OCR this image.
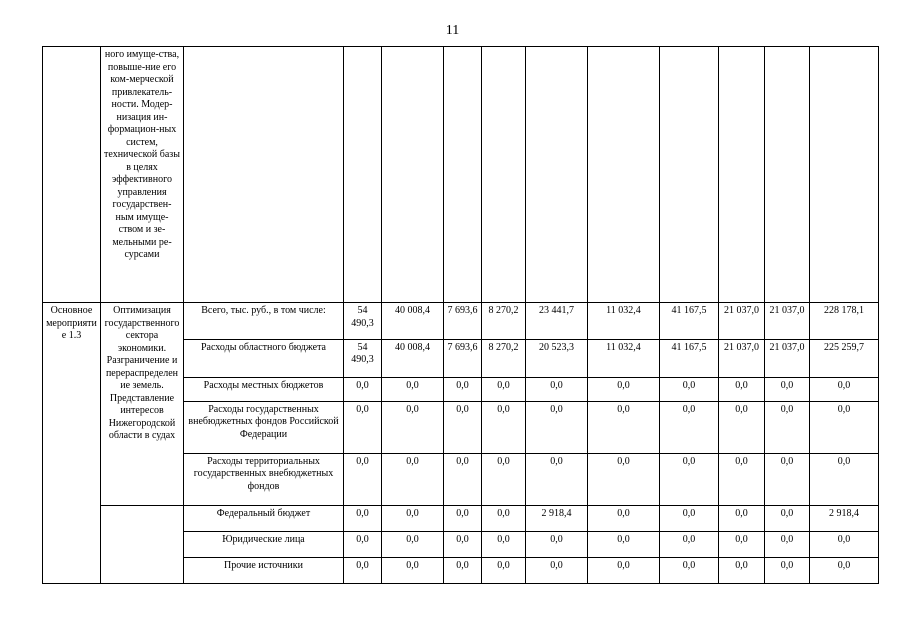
11
	ного имуще-ства, повыше-ние его ком-мерческой привлекатель-ности. Модер-низация ин-формацион-ных систем, технической базы в целях эффективного управления государствен-ным имуще-ством и зе-мельными ре-сурсами											
Основное мероприятие 1.3	Оптимизация государственного сектора экономики. Разграничение и перераспределение земель. Представление интересов Нижегородской области в судах	Всего, тыс. руб., в том числе:	54 490,3	40 008,4	7 693,6	8 270,2	23 441,7	11 032,4	41 167,5	21 037,0	21 037,0	228 178,1
		Расходы областного бюджета	54 490,3	40 008,4	7 693,6	8 270,2	20 523,3	11 032,4	41 167,5	21 037,0	21 037,0	225 259,7
		Расходы местных бюджетов	0,0	0,0	0,0	0,0	0,0	0,0	0,0	0,0	0,0	0,0
		Расходы государственных внебюджетных фондов Российской Федерации	0,0	0,0	0,0	0,0	0,0	0,0	0,0	0,0	0,0	0,0
		Расходы территориальных государственных внебюджетных фондов	0,0	0,0	0,0	0,0	0,0	0,0	0,0	0,0	0,0	0,0
		Федеральный бюджет	0,0	0,0	0,0	0,0	2 918,4	0,0	0,0	0,0	0,0	2 918,4
		Юридические лица	0,0	0,0	0,0	0,0	0,0	0,0	0,0	0,0	0,0	0,0
		Прочие источники	0,0	0,0	0,0	0,0	0,0	0,0	0,0	0,0	0,0	0,0
